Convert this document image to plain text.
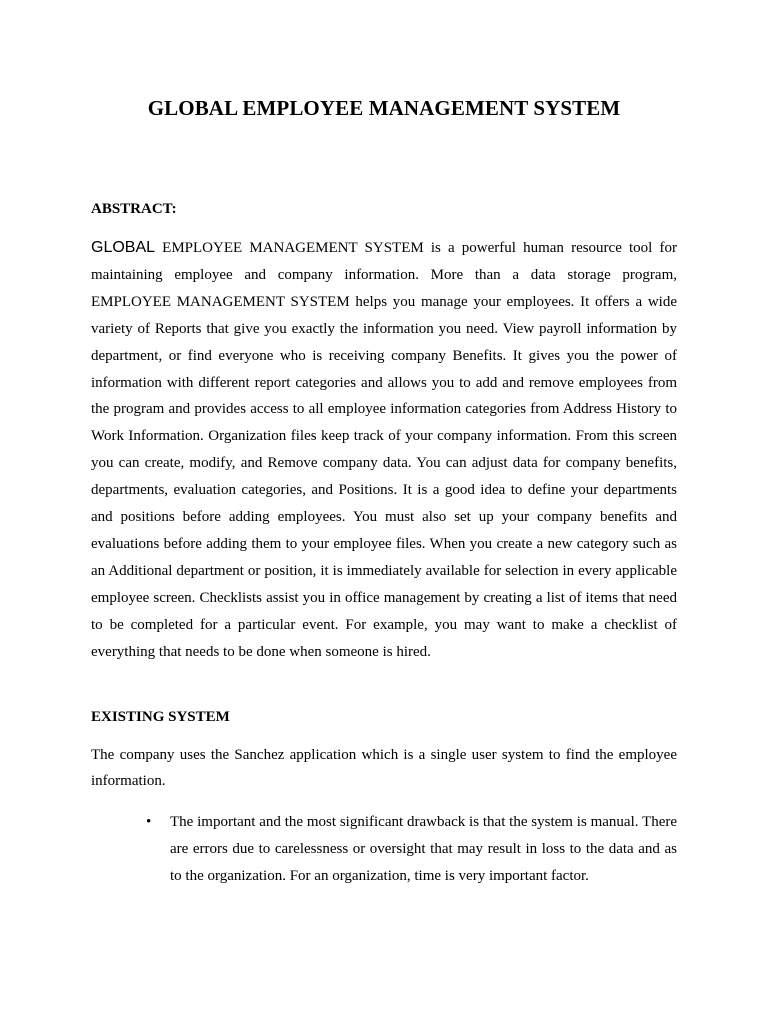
GLOBAL EMPLOYEE MANAGEMENT SYSTEM
ABSTRACT:

GLOBAL EMPLOYEE MANAGEMENT SYSTEM is a powerful human resource tool for maintaining employee and company information. More than a data storage program, EMPLOYEE MANAGEMENT SYSTEM helps you manage your employees. It offers a wide variety of Reports that give you exactly the information you need. View payroll information by department, or find everyone who is receiving company Benefits. It gives you the power of information with different report categories and allows you to add and remove employees from the program and provides access to all employee information categories from Address History to Work Information. Organization files keep track of your company information. From this screen you can create, modify, and Remove company data. You can adjust data for company benefits, departments, evaluation categories, and Positions. It is a good idea to define your departments and positions before adding employees. You must also set up your company benefits and evaluations before adding them to your employee files. When you create a new category such as an Additional department or position, it is immediately available for selection in every applicable employee screen. Checklists assist you in office management by creating a list of items that need to be completed for a particular event. For example, you may want to make a checklist of everything that needs to be done when someone is hired.

EXISTING SYSTEM

The company uses the Sanchez application which is a single user system to find the employee information.

• The important and the most significant drawback is that the system is manual. There are errors due to carelessness or oversight that may result in loss to the data and as to the organization. For an organization, time is very important factor.
